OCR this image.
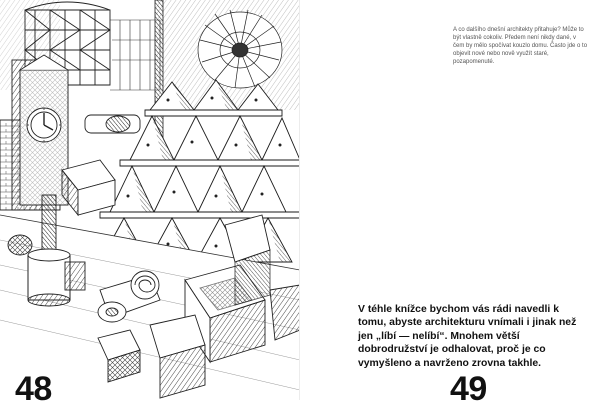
A co dalšího dnešní architekty přitahuje? Může to být vlastně cokoliv. Předem není nikdy dané, v čem by mělo spočívat kouzlo domu. Často jde o to objevit nové nebo nově využít staré, pozapomenuté.

V téhle knížce bychom vás rádi navedli k tomu, abyste architekturu vnímali i jinak než jen „líbí — nelíbí“. Mnohem větší dobrodružství je odhalovat, proč je co vymyšleno a navrženo zrovna takhle.

48	49
